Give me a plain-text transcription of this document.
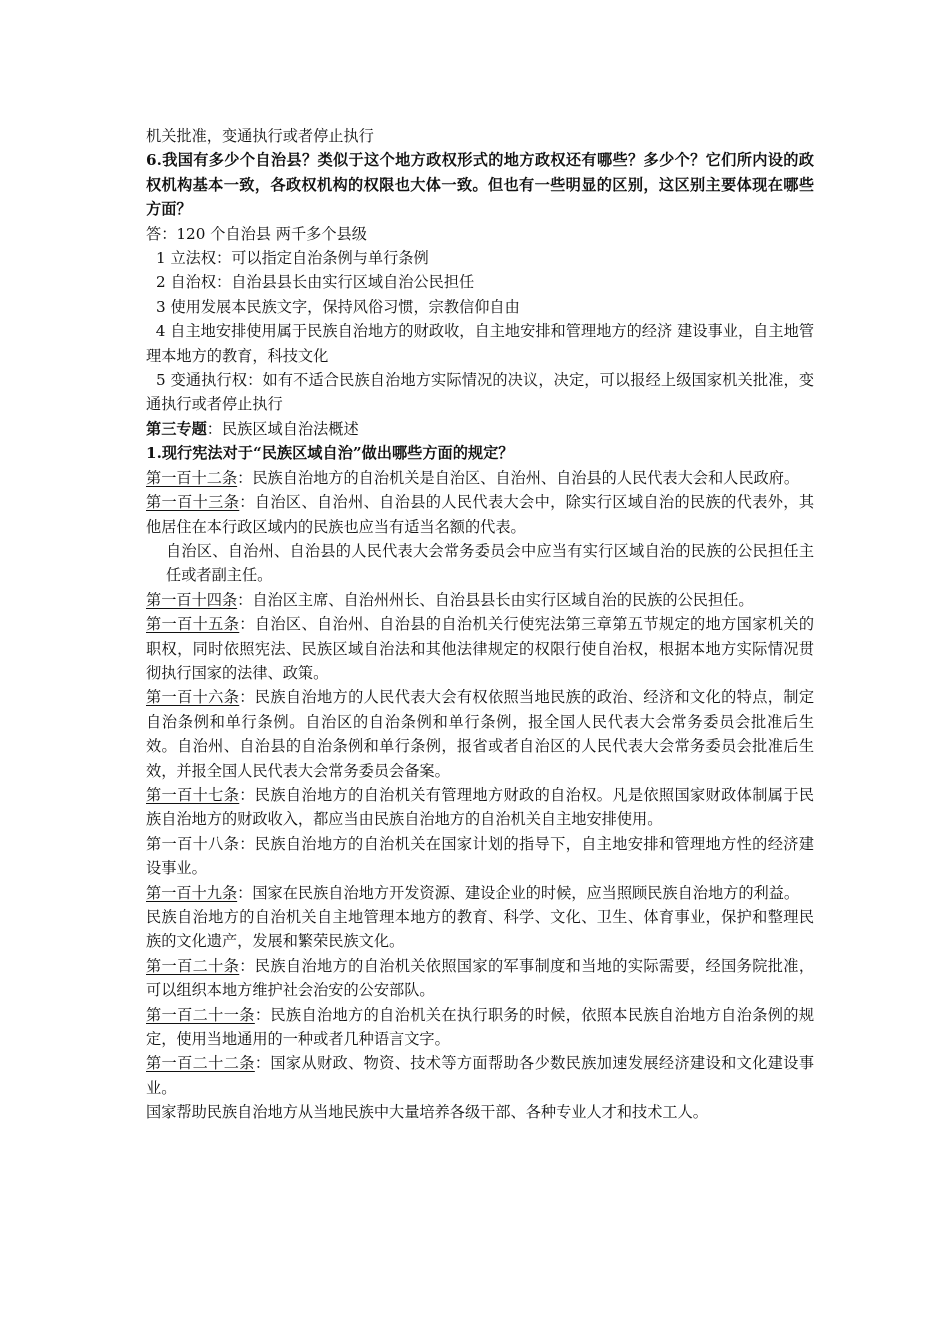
机关批准，变通执行或者停止执行

6.我国有多少个自治县？类似于这个地方政权形式的地方政权还有哪些？多少个？它们所内设的政权机构基本一致，各政权机构的权限也大体一致。但也有一些明显的区别，这区别主要体现在哪些方面？

答：120 个自治县 两千多个县级

1 立法权：可以指定自治条例与单行条例

2 自治权：自治县县长由实行区域自治公民担任

3 使用发展本民族文字，保持风俗习惯，宗教信仰自由

4 自主地安排使用属于民族自治地方的财政收，自主地安排和管理地方的经济 建设事业，自主地管理本地方的教育，科技文化

5 变通执行权：如有不适合民族自治地方实际情况的决议，决定，可以报经上级国家机关批准，变通执行或者停止执行

第三专题：民族区域自治法概述

1.现行宪法对于“民族区域自治”做出哪些方面的规定？

第一百十二条：民族自治地方的自治机关是自治区、自治州、自治县的人民代表大会和人民政府。

第一百十三条：自治区、自治州、自治县的人民代表大会中，除实行区域自治的民族的代表外，其他居住在本行政区域内的民族也应当有适当名额的代表。

自治区、自治州、自治县的人民代表大会常务委员会中应当有实行区域自治的民族的公民担任主任或者副主任。

第一百十四条：自治区主席、自治州州长、自治县县长由实行区域自治的民族的公民担任。

第一百十五条：自治区、自治州、自治县的自治机关行使宪法第三章第五节规定的地方国家机关的职权，同时依照宪法、民族区域自治法和其他法律规定的权限行使自治权，根据本地方实际情况贯彻执行国家的法律、政策。

第一百十六条：民族自治地方的人民代表大会有权依照当地民族的政治、经济和文化的特点，制定自治条例和单行条例。自治区的自治条例和单行条例，报全国人民代表大会常务委员会批准后生效。自治州、自治县的自治条例和单行条例，报省或者自治区的人民代表大会常务委员会批准后生效，并报全国人民代表大会常务委员会备案。

第一百十七条：民族自治地方的自治机关有管理地方财政的自治权。凡是依照国家财政体制属于民族自治地方的财政收入，都应当由民族自治地方的自治机关自主地安排使用。

第一百十八条：民族自治地方的自治机关在国家计划的指导下，自主地安排和管理地方性的经济建设事业。

第一百十九条：国家在民族自治地方开发资源、建设企业的时候，应当照顾民族自治地方的利益。

民族自治地方的自治机关自主地管理本地方的教育、科学、文化、卫生、体育事业，保护和整理民族的文化遗产，发展和繁荣民族文化。

第一百二十条：民族自治地方的自治机关依照国家的军事制度和当地的实际需要，经国务院批准，可以组织本地方维护社会治安的公安部队。

第一百二十一条：民族自治地方的自治机关在执行职务的时候，依照本民族自治地方自治条例的规定，使用当地通用的一种或者几种语言文字。

第一百二十二条：国家从财政、物资、技术等方面帮助各少数民族加速发展经济建设和文化建设事业。

国家帮助民族自治地方从当地民族中大量培养各级干部、各种专业人才和技术工人。
